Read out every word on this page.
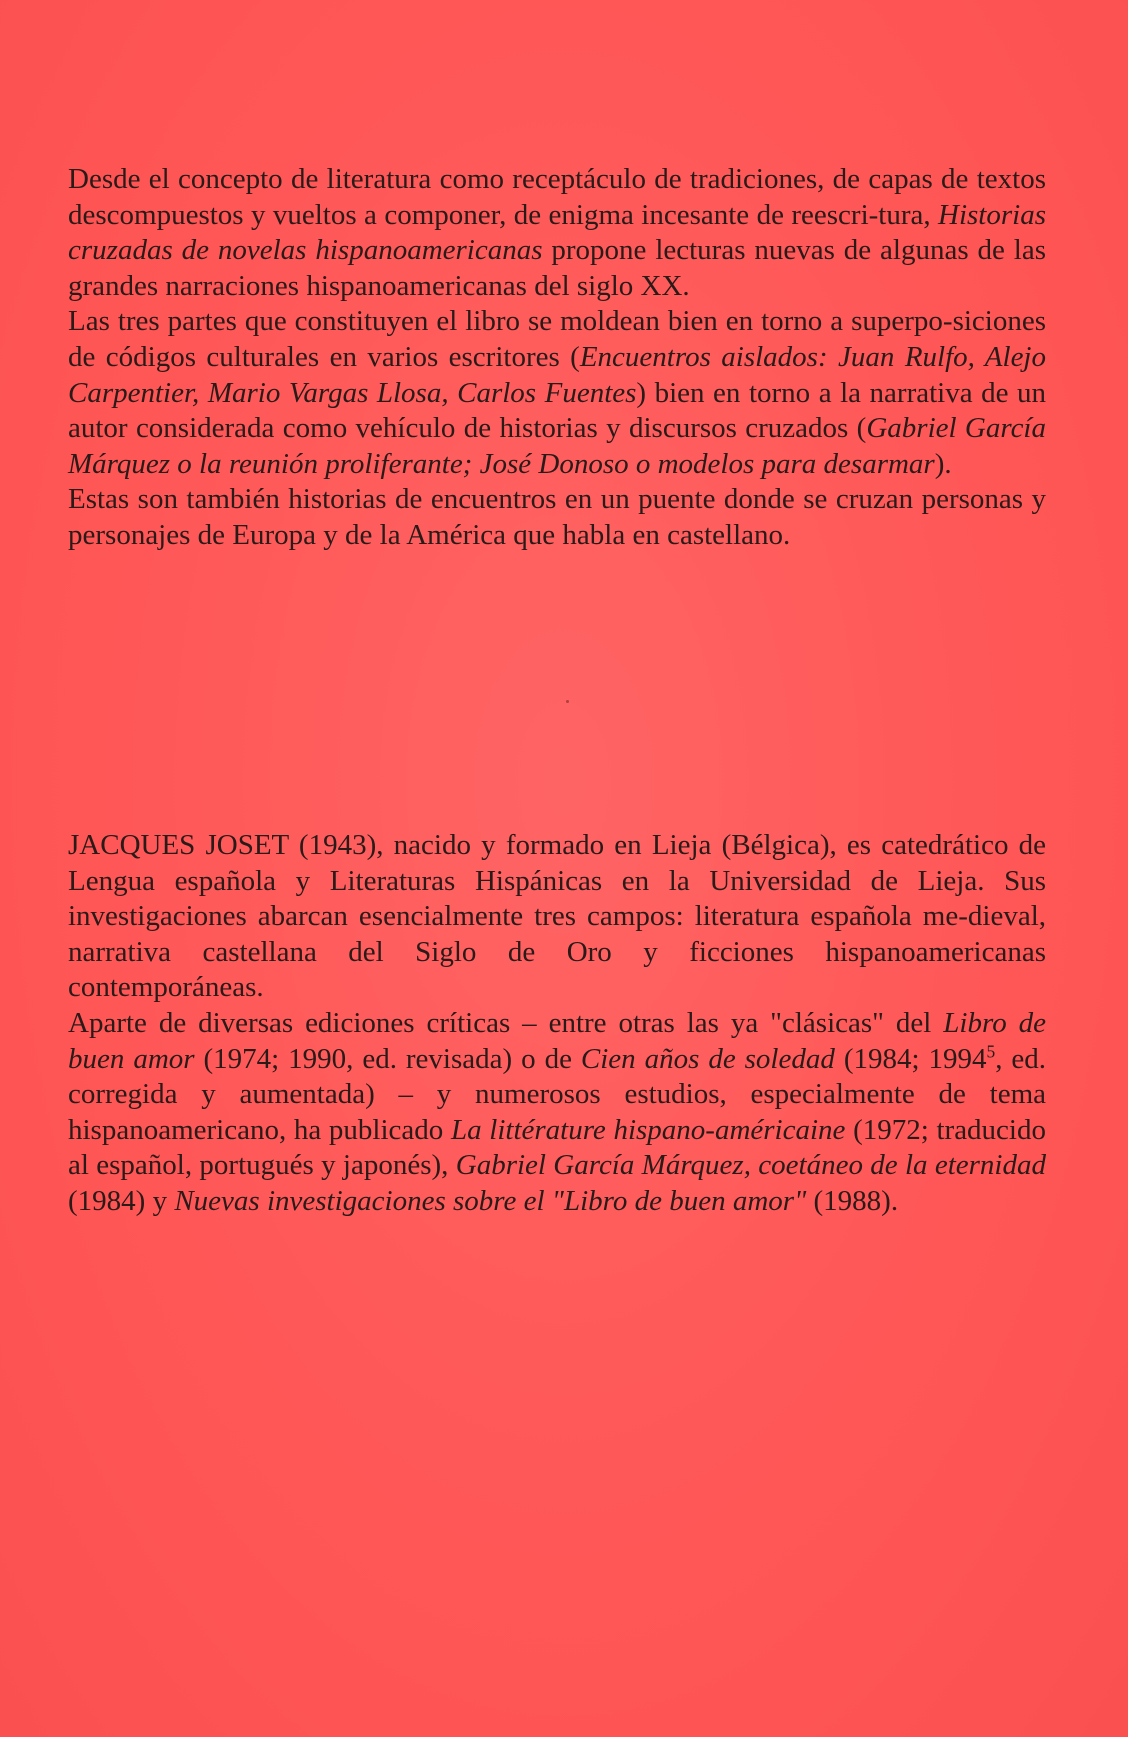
Desde el concepto de literatura como receptáculo de tradiciones, de capas de textos descompuestos y vueltos a componer, de enigma incesante de reescri-tura, Historias cruzadas de novelas hispanoamericanas propone lecturas nuevas de algunas de las grandes narraciones hispanoamericanas del siglo XX.

Las tres partes que constituyen el libro se moldean bien en torno a superpo-siciones de códigos culturales en varios escritores (Encuentros aislados: Juan Rulfo, Alejo Carpentier, Mario Vargas Llosa, Carlos Fuentes) bien en torno a la narrativa de un autor considerada como vehículo de historias y discursos cruzados (Gabriel García Márquez o la reunión proliferante; José Donoso o modelos para desarmar).

Estas son también historias de encuentros en un puente donde se cruzan personas y personajes de Europa y de la América que habla en castellano.

JACQUES JOSET (1943), nacido y formado en Lieja (Bélgica), es catedrático de Lengua española y Literaturas Hispánicas en la Universidad de Lieja. Sus investigaciones abarcan esencialmente tres campos: literatura española me-dieval, narrativa castellana del Siglo de Oro y ficciones hispanoamericanas contemporáneas.

Aparte de diversas ediciones críticas – entre otras las ya "clásicas" del Libro de buen amor (1974; 1990, ed. revisada) o de Cien años de soledad (1984; 1994$^5$, ed. corregida y aumentada) – y numerosos estudios, especialmente de tema hispanoamericano, ha publicado La littérature hispano-américaine (1972; traducido al español, portugués y japonés), Gabriel García Márquez, coetáneo de la eternidad (1984) y Nuevas investigaciones sobre el "Libro de buen amor" (1988).
